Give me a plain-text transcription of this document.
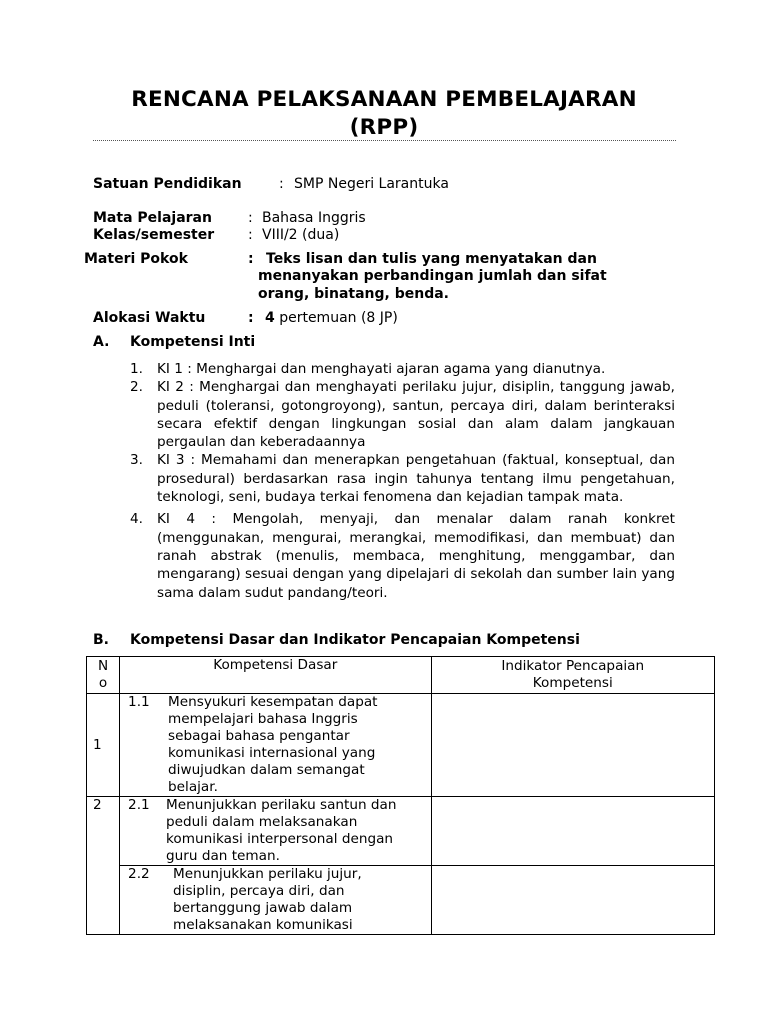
RENCANA PELAKSANAAN PEMBELAJARAN
(RPP)
Satuan Pendidikan	: SMP Negeri Larantuka
Mata Pelajaran	: Bahasa Inggris
Kelas/semester : VIII/2 (dua)
Materi Pokok	: Teks lisan dan tulis yang menyatakan dan
menanyakan perbandingan jumlah dan sifat
orang, binatang, benda.
Alokasi Waktu	: 4 pertemuan (8 JP)
A. Kompetensi Inti
1. KI 1 : Menghargai dan menghayati ajaran agama yang dianutnya.
2. KI 2 : Menghargai dan menghayati perilaku jujur, disiplin, tanggung jawab, peduli (toleransi, gotongroyong), santun, percaya diri, dalam berinteraksi secara efektif dengan lingkungan sosial dan alam dalam jangkauan pergaulan dan keberadaannya
3. KI 3 : Memahami dan menerapkan pengetahuan (faktual, konseptual, dan prosedural) berdasarkan rasa ingin tahunya tentang ilmu pengetahuan, teknologi, seni, budaya terkai fenomena dan kejadian tampak mata.
4. KI 4 : Mengolah, menyaji, dan menalar dalam ranah konkret (menggunakan, mengurai, merangkai, memodifikasi, dan membuat) dan ranah abstrak (menulis, membaca, menghitung, menggambar, dan mengarang) sesuai dengan yang dipelajari di sekolah dan sumber lain yang sama dalam sudut pandang/teori.
B. Kompetensi Dasar dan Indikator Pencapaian Kompetensi
N o	Kompetensi Dasar	Indikator Pencapaian Kompetensi
1	1.1 Mensyukuri kesempatan dapat mempelajari bahasa Inggris sebagai bahasa pengantar komunikasi internasional yang diwujudkan dalam semangat belajar.	

2	2.1 Menunjukkan perilaku santun dan peduli dalam melaksanakan komunikasi interpersonal dengan guru dan teman.	

	2.2 Menunjukkan perilaku jujur, disiplin, percaya diri, dan bertanggung jawab dalam melaksanakan komunikasi	
